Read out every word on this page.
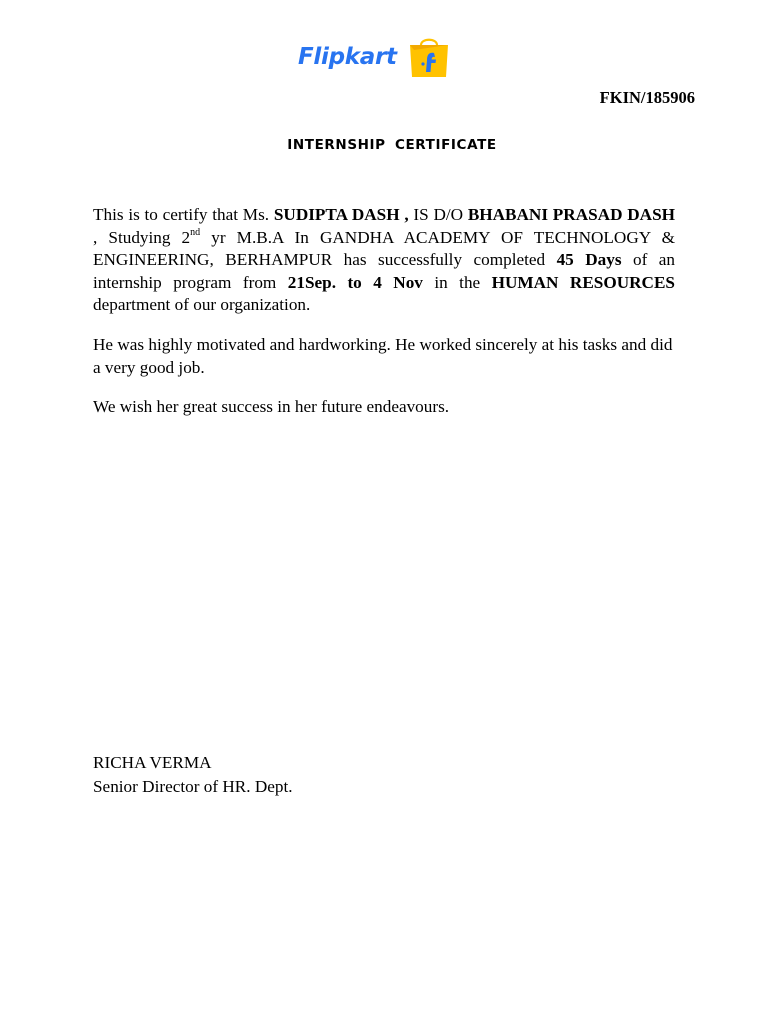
Flipkart
FKIN/185906
INTERNSHIP CERTIFICATE

This is to certify that Ms. SUDIPTA DASH , IS D/O BHABANI PRASAD DASH , Studying 2nd yr M.B.A In GANDHA ACADEMY OF TECHNOLOGY & ENGINEERING, BERHAMPUR has successfully completed 45 Days of an internship program from 21Sep. to 4 Nov in the HUMAN RESOURCES department of our organization.

He was highly motivated and hardworking. He worked sincerely at his tasks and did a very good job.

We wish her great success in her future endeavours.

RICHA VERMA
Senior Director of HR. Dept.
